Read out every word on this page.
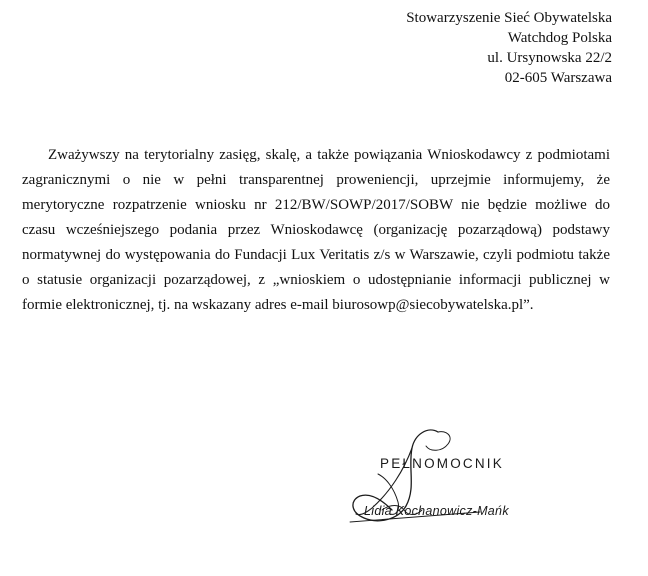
Stowarzyszenie Sieć Obywatelska
Watchdog Polska
ul. Ursynowska 22/2
02-605 Warszawa
Zważywszy na terytorialny zasięg, skalę, a także powiązania Wnioskodawcy z podmiotami zagranicznymi o nie w pełni transparentnej proweniencji, uprzejmie informujemy, że merytoryczne rozpatrzenie wniosku nr 212/BW/SOWP/2017/SOBW nie będzie możliwe do czasu wcześniejszego podania przez Wnioskodawcę (organizację pozarządową) podstawy normatywnej do występowania do Fundacji Lux Veritatis z/s w Warszawie, czyli podmiotu także o statusie organizacji pozarządowej, z „wnioskiem o udostępnianie informacji publicznej w formie elektronicznej, tj. na wskazany adres e-mail biurosowp@siecobywatelska.pl”.
PEŁNOMOCNIK
Lidia Kochanowicz-Mańk
